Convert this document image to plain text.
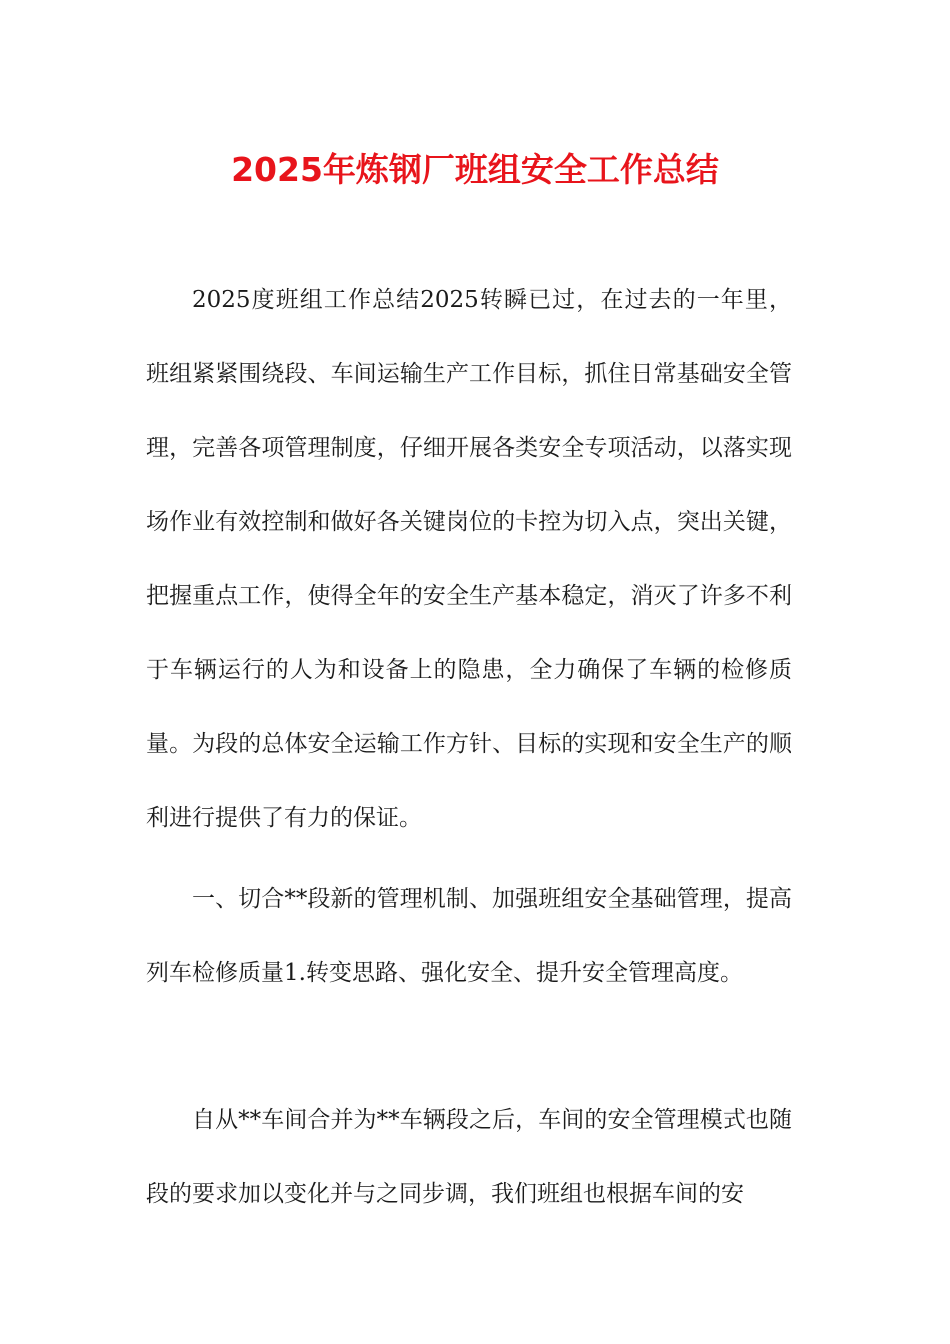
2025年炼钢厂班组安全工作总结

2025度班组工作总结2025转瞬已过，在过去的一年里，班组紧紧围绕段、车间运输生产工作目标，抓住日常基础安全管理，完善各项管理制度，仔细开展各类安全专项活动，以落实现场作业有效控制和做好各关键岗位的卡控为切入点，突出关键，把握重点工作，使得全年的安全生产基本稳定，消灭了许多不利于车辆运行的人为和设备上的隐患，全力确保了车辆的检修质量。为段的总体安全运输工作方针、目标的实现和安全生产的顺利进行提供了有力的保证。

一、切合**段新的管理机制、加强班组安全基础管理，提高列车检修质量1.转变思路、强化安全、提升安全管理高度。

自从**车间合并为**车辆段之后，车间的安全管理模式也随段的要求加以变化并与之同步调，我们班组也根据车间的安
